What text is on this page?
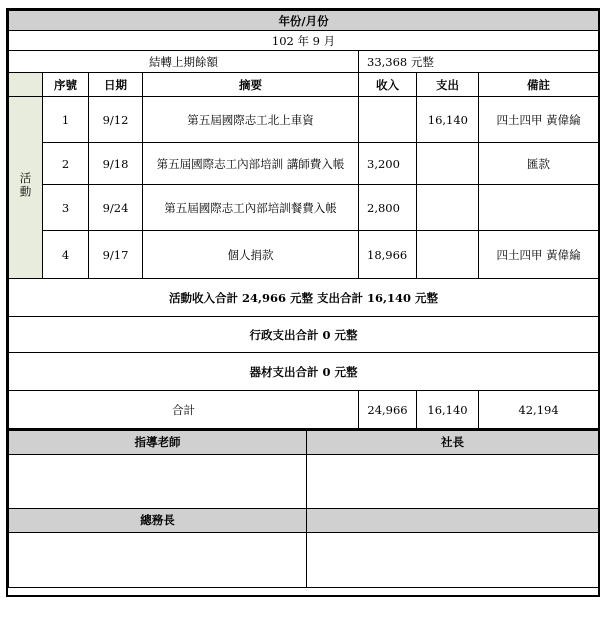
年份/月份						
102 年 9 月						
結轉上期餘額				33,368 元整		
	序號	日期	摘要	收入	支出	備註
活動	1	9/12	第五屆國際志工北上車資		16,140	四土四甲 黃偉綸
	2	9/18	第五屆國際志工內部培訓 講師費入帳	3,200		匯款
	3	9/24	第五屆國際志工內部培訓餐費入帳	2,800		
	4	9/17	個人捐款	18,966		四土四甲 黃偉綸
活動收入合計 24,966 元整 支出合計 16,140 元整						
行政支出合計 0 元整						
器材支出合計 0 元整						
合計				24,966	16,140	42,194
指導老師	社長

總務長	
